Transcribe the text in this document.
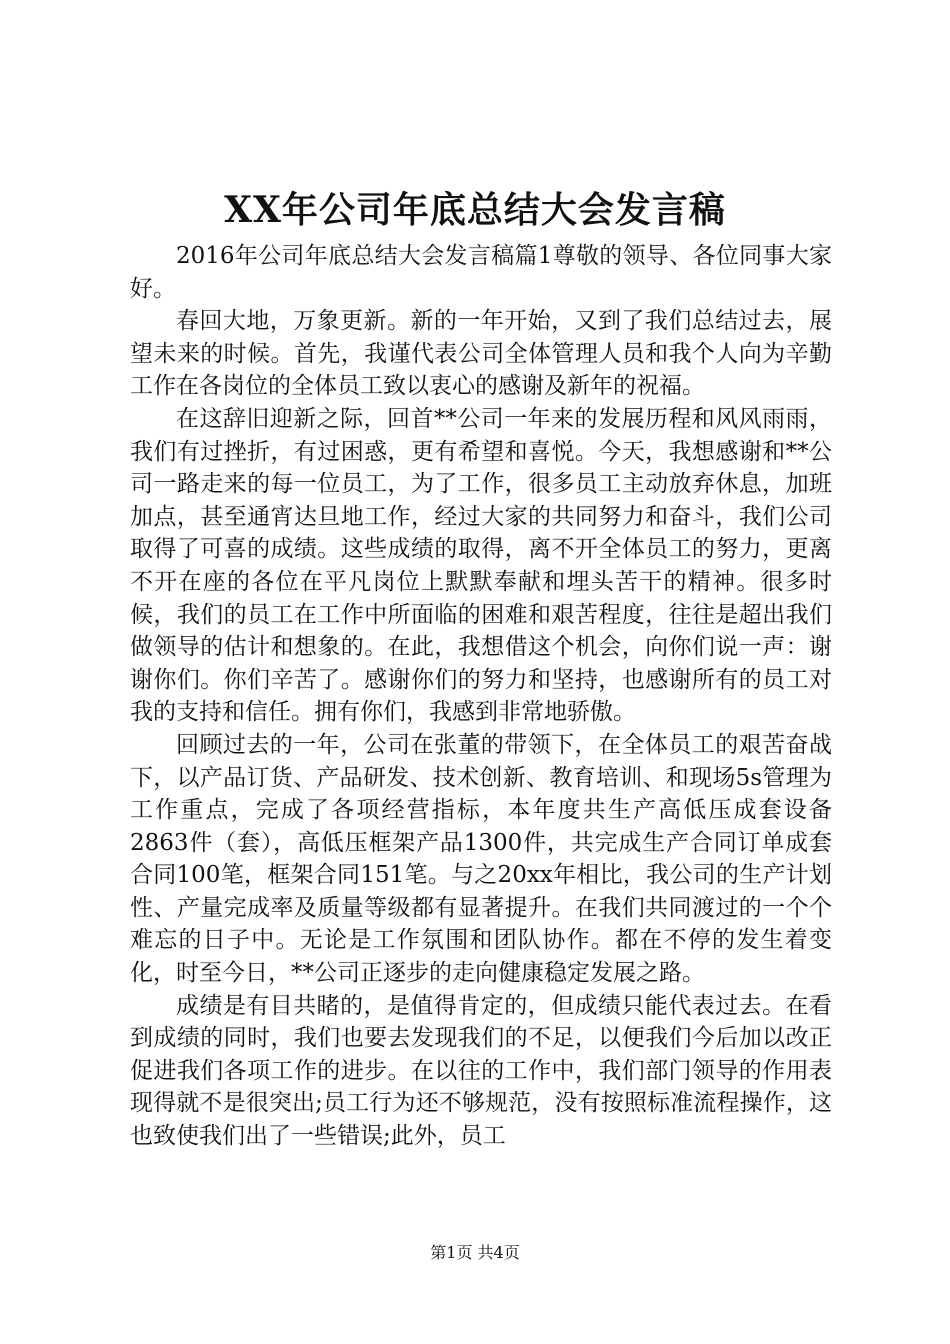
XX年公司年底总结大会发言稿

2016年公司年底总结大会发言稿篇1尊敬的领导、各位同事大家好。

春回大地，万象更新。新的一年开始，又到了我们总结过去，展望未来的时候。首先，我谨代表公司全体管理人员和我个人向为辛勤工作在各岗位的全体员工致以衷心的感谢及新年的祝福。

在这辞旧迎新之际，回首**公司一年来的发展历程和风风雨雨，我们有过挫折，有过困惑，更有希望和喜悦。今天，我想感谢和**公司一路走来的每一位员工，为了工作，很多员工主动放弃休息，加班加点，甚至通宵达旦地工作，经过大家的共同努力和奋斗，我们公司取得了可喜的成绩。这些成绩的取得，离不开全体员工的努力，更离不开在座的各位在平凡岗位上默默奉献和埋头苦干的精神。很多时候，我们的员工在工作中所面临的困难和艰苦程度，往往是超出我们做领导的估计和想象的。在此，我想借这个机会，向你们说一声：谢谢你们。你们辛苦了。感谢你们的努力和坚持，也感谢所有的员工对我的支持和信任。拥有你们，我感到非常地骄傲。

回顾过去的一年，公司在张董的带领下，在全体员工的艰苦奋战下，以产品订货、产品研发、技术创新、教育培训、和现场5s管理为工作重点，完成了各项经营指标，本年度共生产高低压成套设备2863件（套），高低压框架产品1300件，共完成生产合同订单成套合同100笔，框架合同151笔。与之20xx年相比，我公司的生产计划性、产量完成率及质量等级都有显著提升。在我们共同渡过的一个个难忘的日子中。无论是工作氛围和团队协作。都在不停的发生着变化，时至今日，**公司正逐步的走向健康稳定发展之路。

成绩是有目共睹的，是值得肯定的，但成绩只能代表过去。在看到成绩的同时，我们也要去发现我们的不足，以便我们今后加以改正促进我们各项工作的进步。在以往的工作中，我们部门领导的作用表现得就不是很突出;员工行为还不够规范，没有按照标准流程操作，这也致使我们出了一些错误;此外，员工

第1页 共4页
